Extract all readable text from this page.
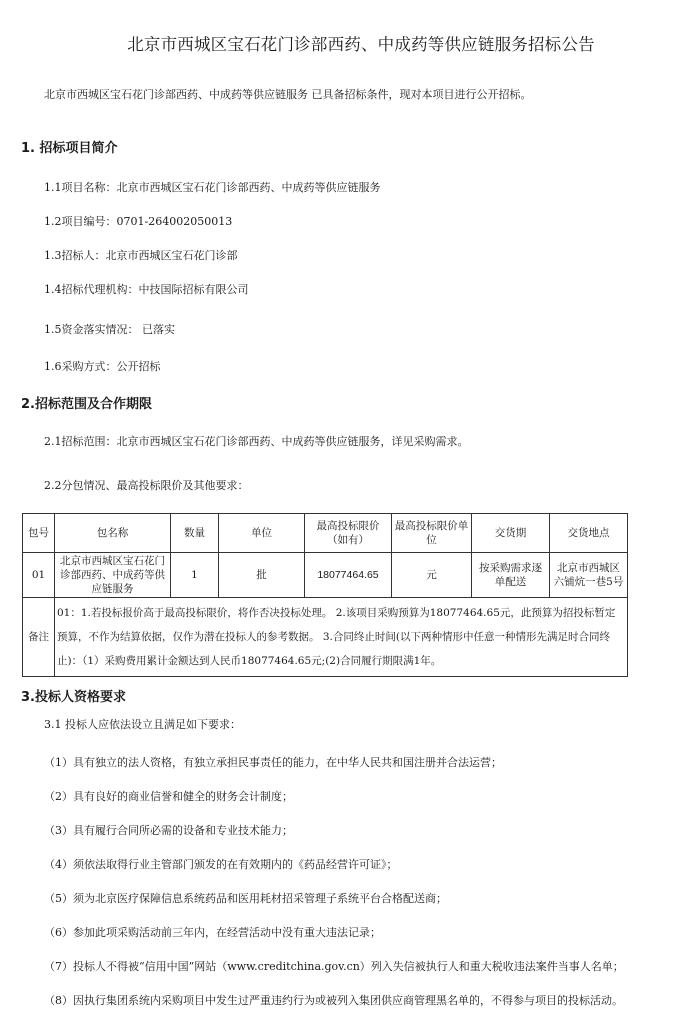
北京市西城区宝石花门诊部西药、中成药等供应链服务招标公告
北京市西城区宝石花门诊部西药、中成药等供应链服务 已具备招标条件，现对本项目进行公开招标。
1. 招标项目简介
1.1项目名称：北京市西城区宝石花门诊部西药、中成药等供应链服务
1.2项目编号：0701-264002050013
1.3招标人：北京市西城区宝石花门诊部
1.4招标代理机构：中技国际招标有限公司
1.5资金落实情况： 已落实
1.6采购方式：公开招标
2.招标范围及合作期限
2.1招标范围：北京市西城区宝石花门诊部西药、中成药等供应链服务，详见采购需求。
2.2分包情况、最高投标限价及其他要求：
包号	包名称	数量	单位	最高投标限价（如有）	最高投标限价单位	交货期	交货地点
01	北京市西城区宝石花门诊部西药、中成药等供应链服务	1	批	18077464.65	元	按采购需求逐单配送	北京市西城区六铺炕一巷5号
备注	01：1.若投标报价高于最高投标限价，将作否决投标处理。 2.该项目采购预算为18077464.65元，此预算为招投标暂定预算，不作为结算依据，仅作为潜在投标人的参考数据。 3.合同终止时间(以下两种情形中任意一种情形先满足时合同终止)：（1）采购费用累计金额达到人民币18077464.65元;(2)合同履行期限满1年。						
3.投标人资格要求
3.1 投标人应依法设立且满足如下要求：
（1）具有独立的法人资格，有独立承担民事责任的能力，在中华人民共和国注册并合法运营；
（2）具有良好的商业信誉和健全的财务会计制度；
（3）具有履行合同所必需的设备和专业技术能力；
（4）须依法取得行业主管部门颁发的在有效期内的《药品经营许可证》；
（5）须为北京医疗保障信息系统药品和医用耗材招采管理子系统平台合格配送商；
（6）参加此项采购活动前三年内，在经营活动中没有重大违法记录；
（7）投标人不得被“信用中国”网站（www.creditchina.gov.cn）列入失信被执行人和重大税收违法案件当事人名单；
（8）因执行集团系统内采购项目中发生过严重违约行为或被列入集团供应商管理黑名单的，不得参与项目的投标活动。
